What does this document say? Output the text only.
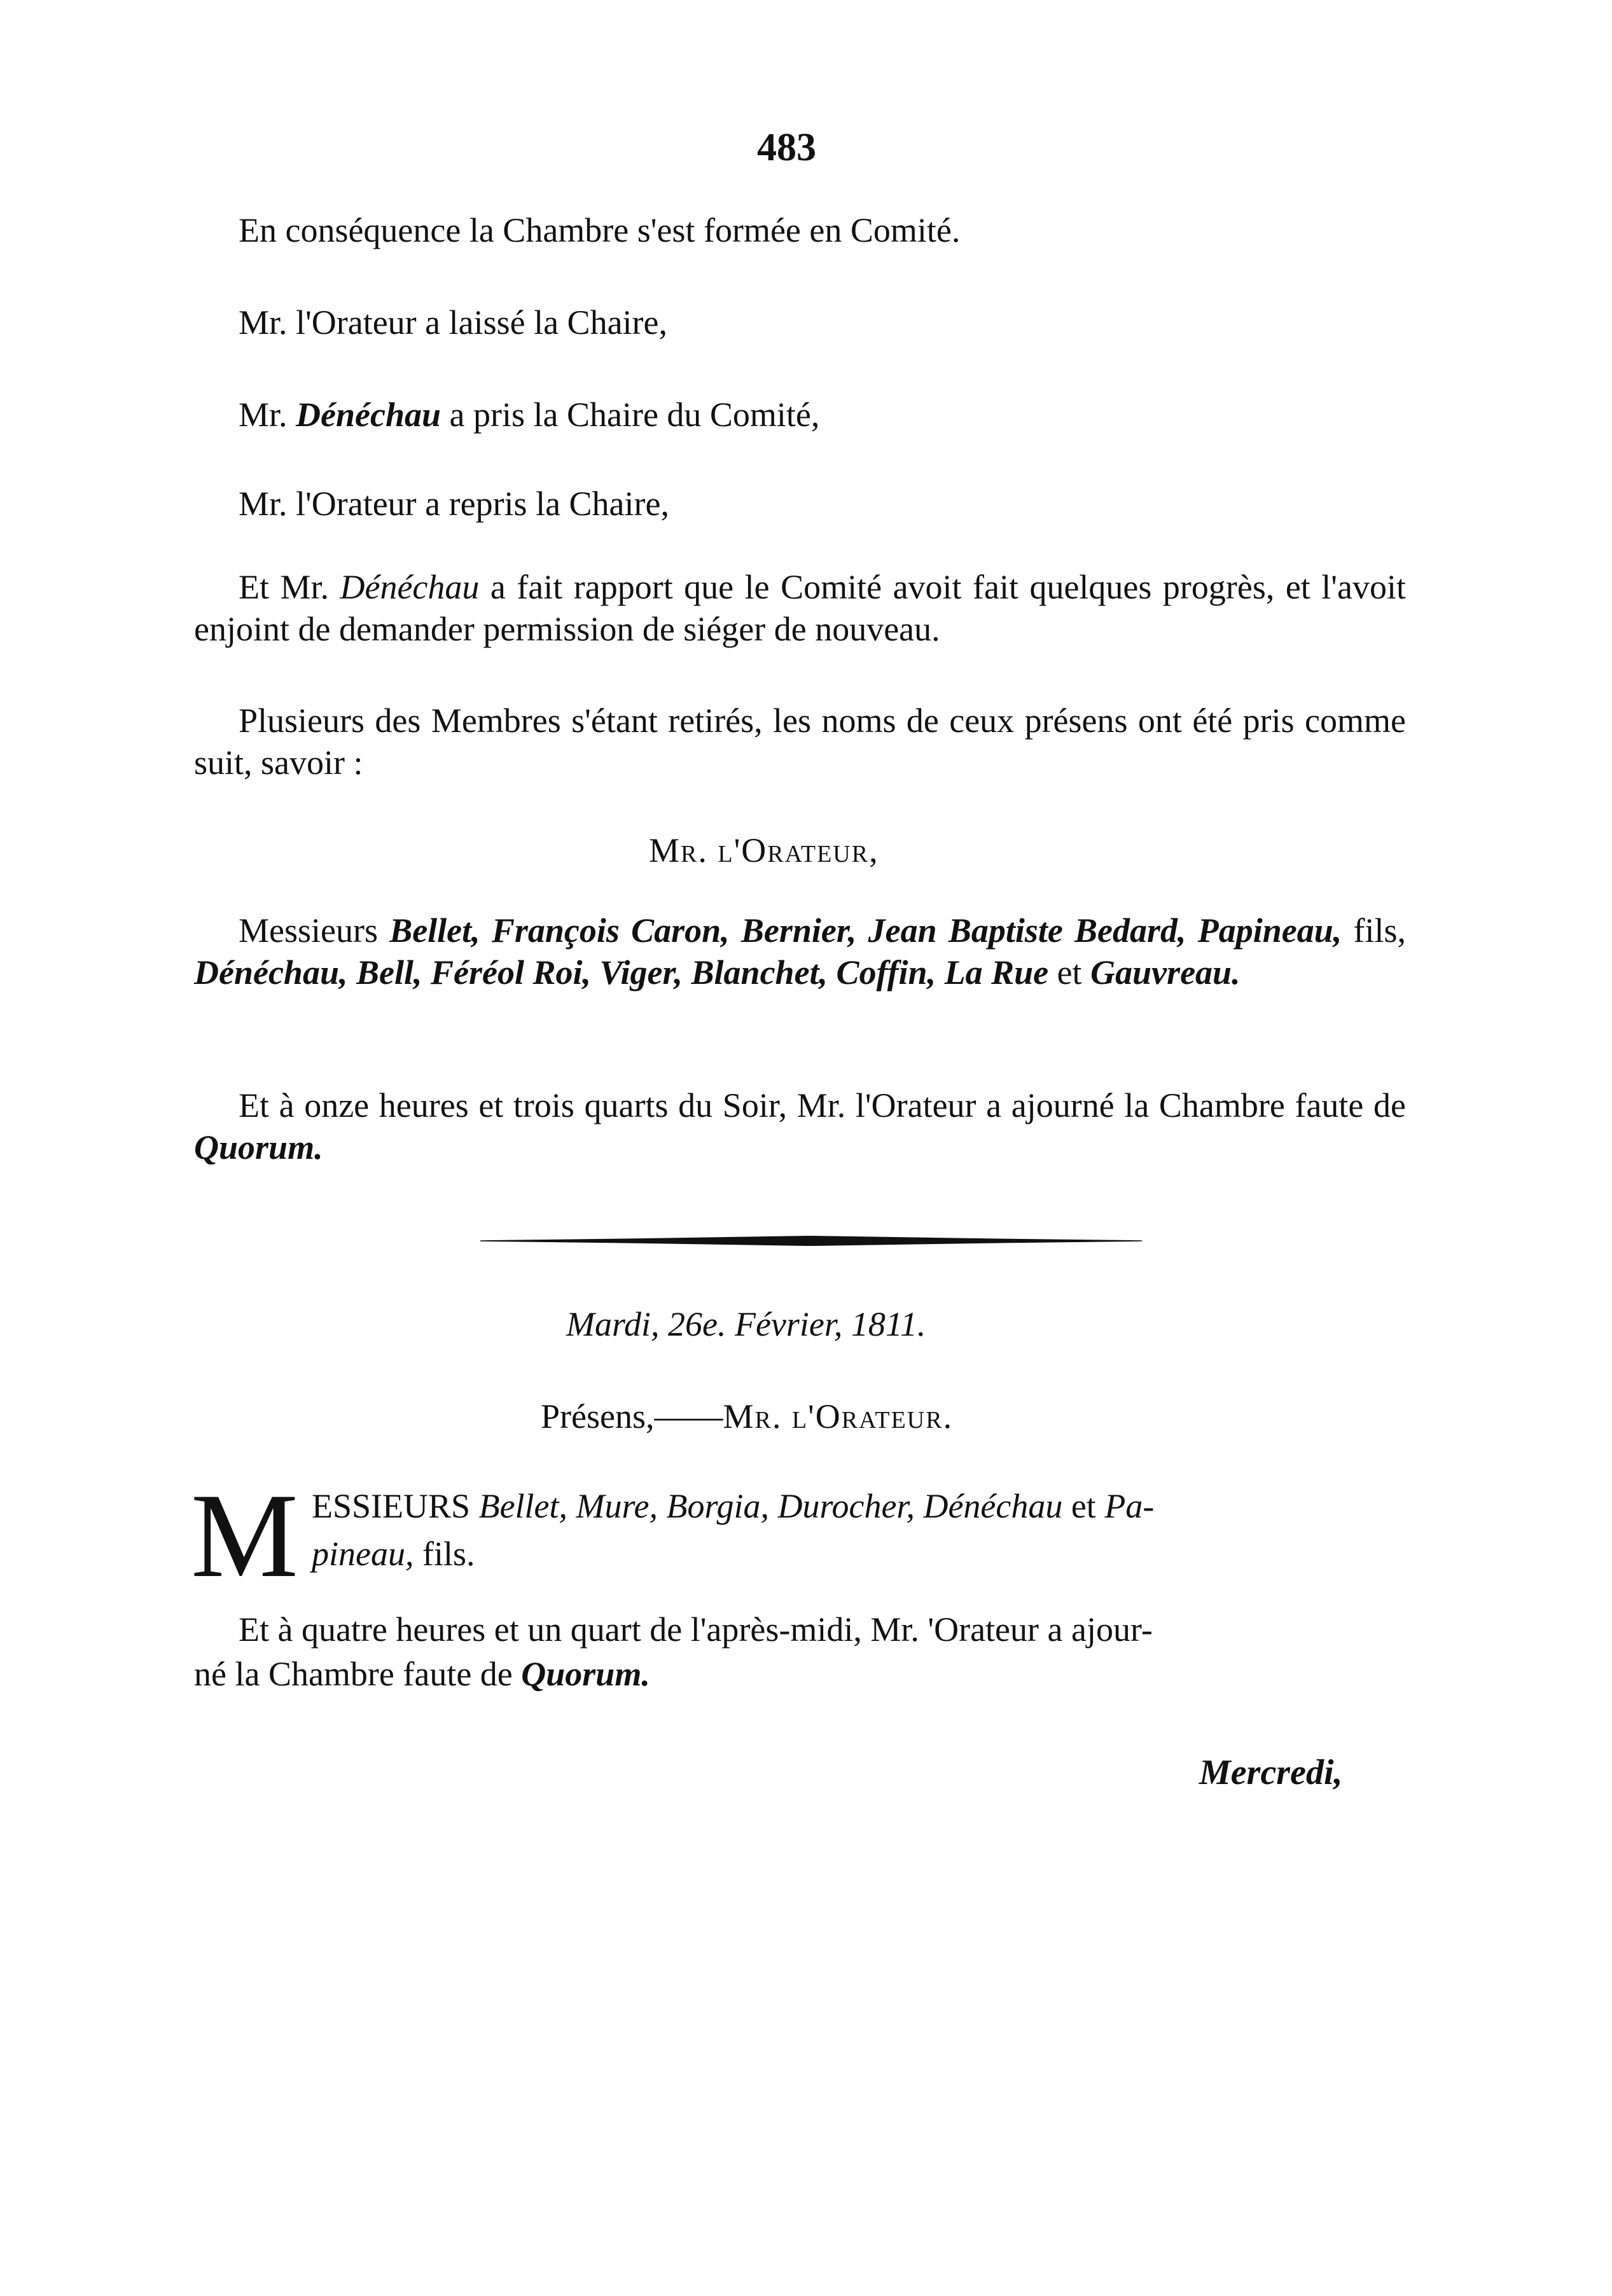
483
En conséquence la Chambre s'est formée en Comité.
Mr. l'Orateur a laissé la Chaire,
Mr. Dénéchau a pris la Chaire du Comité,
Mr. l'Orateur a repris la Chaire,
Et Mr. Dénéchau a fait rapport que le Comité avoit fait quelques progrès, et l'avoit enjoint de demander permission de siéger de nouveau.
Plusieurs des Membres s'étant retirés, les noms de ceux présens ont été pris comme suit, savoir :
Mr. l'Orateur,
Messieurs Bellet, François Caron, Bernier, Jean Baptiste Bedard, Papineau, fils, Dénéchau, Bell, Féréol Roi, Viger, Blanchet, Coffin, La Rue et Gauvreau.
Et à onze heures et trois quarts du Soir, Mr. l'Orateur a ajourné la Chambre faute de Quorum.
Mardi, 26e. Février, 1811.
Présens,——Mr. l'Orateur.
M ESSIEURS Bellet, Mure, Borgia, Durocher, Dénéchau et Pa-
pineau, fils.
Et à quatre heures et un quart de l'après-midi, Mr. 'Orateur a ajour-
né la Chambre faute de Quorum.
Mercredi,
